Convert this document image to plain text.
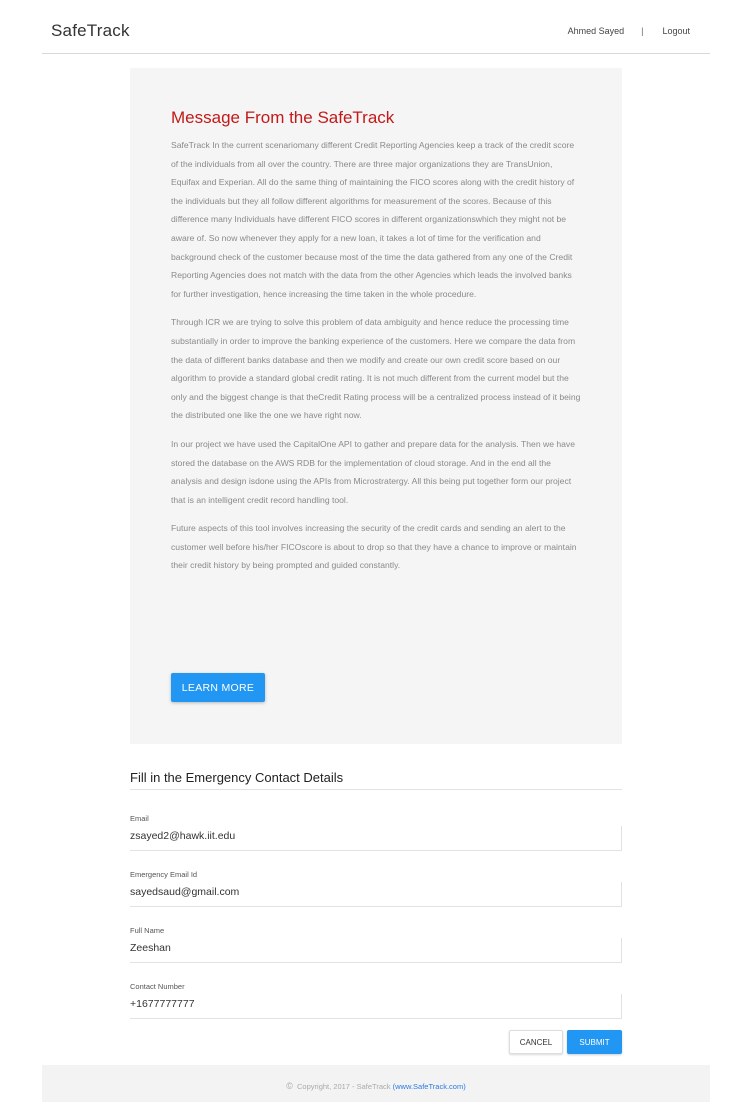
SafeTrack	Ahmed Sayed | Logout
Message From the SafeTrack

SafeTrack In the current scenariomany different Credit Reporting Agencies keep a track of the credit score of the individuals from all over the country. There are three major organizations they are TransUnion, Equifax and Experian. All do the same thing of maintaining the FICO scores along with the credit history of the individuals but they all follow different algorithms for measurement of the scores. Because of this difference many Individuals have different FICO scores in different organizationswhich they might not be aware of. So now whenever they apply for a new loan, it takes a lot of time for the verification and background check of the customer because most of the time the data gathered from any one of the Credit Reporting Agencies does not match with the data from the other Agencies which leads the involved banks for further investigation, hence increasing the time taken in the whole procedure.

Through ICR we are trying to solve this problem of data ambiguity and hence reduce the processing time substantially in order to improve the banking experience of the customers. Here we compare the data from the data of different banks database and then we modify and create our own credit score based on our algorithm to provide a standard global credit rating. It is not much different from the current model but the only and the biggest change is that theCredit Rating process will be a centralized process instead of it being the distributed one like the one we have right now.

In our project we have used the CapitalOne API to gather and prepare data for the analysis. Then we have stored the database on the AWS RDB for the implementation of cloud storage. And in the end all the analysis and design isdone using the APIs from Microstratergy. All this being put together form our project that is an intelligent credit record handling tool.

Future aspects of this tool involves increasing the security of the credit cards and sending an alert to the customer well before his/her FICOscore is about to drop so that they have a chance to improve or maintain their credit history by being prompted and guided constantly.

LEARN MORE
Fill in the Emergency Contact Details
Email
zsayed2@hawk.iit.edu
Emergency Email Id
sayedsaud@gmail.com
Full Name
Zeeshan
Contact Number
+1677777777
CANCEL	SUBMIT
© Copyright, 2017 - SafeTrack (www.SafeTrack.com)
